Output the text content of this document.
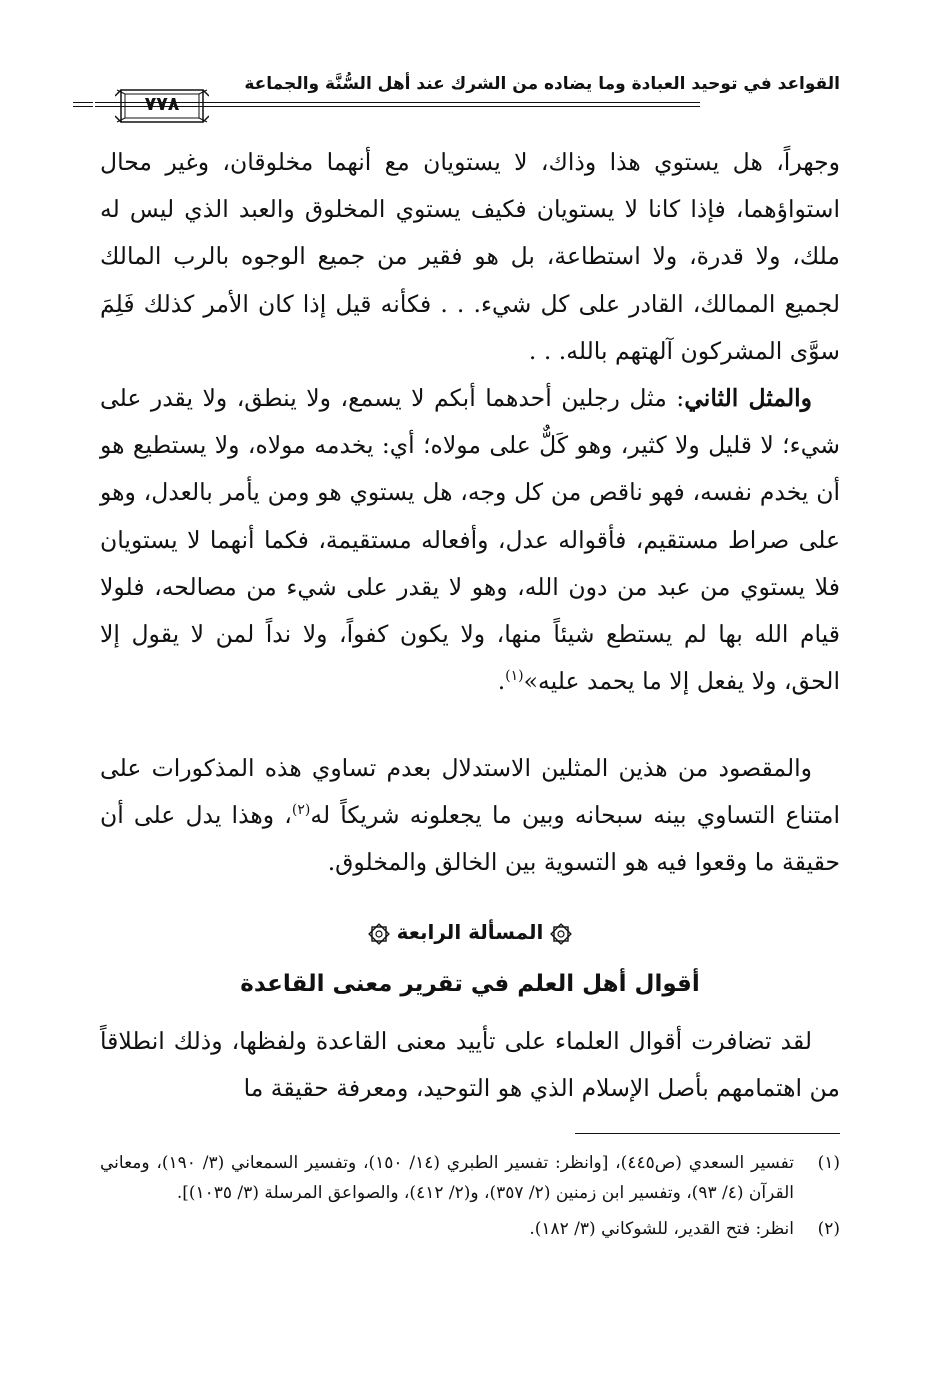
القواعد في توحيد العبادة وما يضاده من الشرك عند أهل السُّنَّة والجماعة
٧٧٨

وجهراً، هل يستوي هذا وذاك، لا يستويان مع أنهما مخلوقان، وغير محال استواؤهما، فإذا كانا لا يستويان فكيف يستوي المخلوق والعبد الذي ليس له ملك، ولا قدرة، ولا استطاعة، بل هو فقير من جميع الوجوه بالرب المالك لجميع الممالك، القادر على كل شيء. . . فكأنه قيل إذا كان الأمر كذلك فَلِمَ سوَّى المشركون آلهتهم بالله. . .

والمثل الثاني: مثل رجلين أحدهما أبكم لا يسمع، ولا ينطق، ولا يقدر على شيء؛ لا قليل ولا كثير، وهو كَلٌّ على مولاه؛ أي: يخدمه مولاه، ولا يستطيع هو أن يخدم نفسه، فهو ناقص من كل وجه، هل يستوي هو ومن يأمر بالعدل، وهو على صراط مستقيم، فأقواله عدل، وأفعاله مستقيمة، فكما أنهما لا يستويان فلا يستوي من عبد من دون الله، وهو لا يقدر على شيء من مصالحه، فلولا قيام الله بها لم يستطع شيئاً منها، ولا يكون كفواً، ولا نداً لمن لا يقول إلا الحق، ولا يفعل إلا ما يحمد عليه»$^{(١)}$.

والمقصود من هذين المثلين الاستدلال بعدم تساوي هذه المذكورات على امتناع التساوي بينه سبحانه وبين ما يجعلونه شريكاً له$^{(٢)}$، وهذا يدل على أن حقيقة ما وقعوا فيه هو التسوية بين الخالق والمخلوق.

المسألة الرابعة
أقوال أهل العلم في تقرير معنى القاعدة

لقد تضافرت أقوال العلماء على تأييد معنى القاعدة ولفظها، وذلك انطلاقاً من اهتمامهم بأصل الإسلام الذي هو التوحيد، ومعرفة حقيقة ما

(١)
تفسير السعدي (ص٤٤٥)، [وانظر: تفسير الطبري (١٤/ ١٥٠)، وتفسير السمعاني (٣/ ١٩٠)، ومعاني القرآن (٤/ ٩٣)، وتفسير ابن زمنين (٢/ ٣٥٧)، و(٢/ ٤١٢)، والصواعق المرسلة (٣/ ١٠٣٥)].
(٢)
انظر: فتح القدير، للشوكاني (٣/ ١٨٢).
